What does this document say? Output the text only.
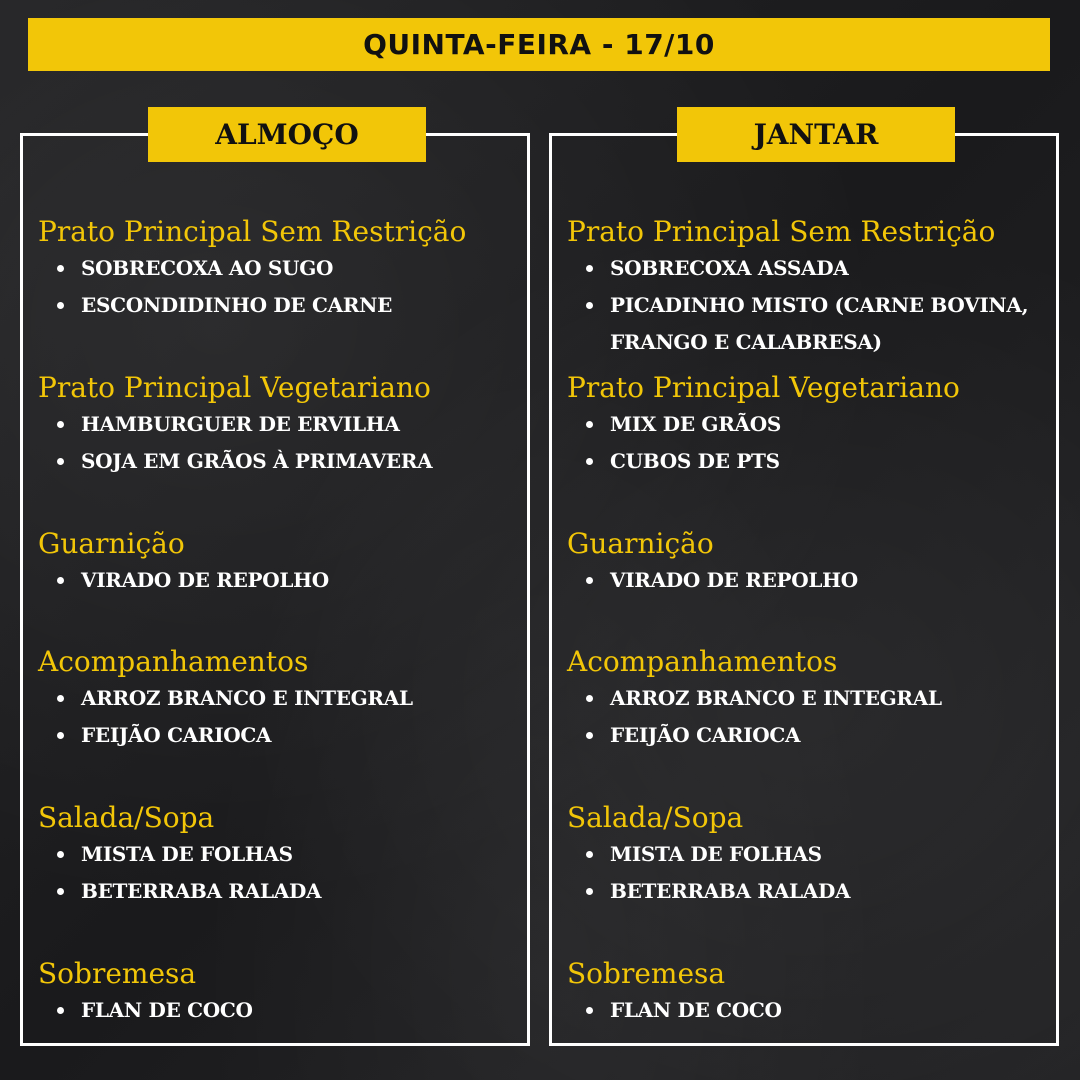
QUINTA-FEIRA - 17/10
ALMOÇO
Prato Principal Sem Restrição
SOBRECOXA AO SUGO
ESCONDIDINHO DE CARNE
Prato Principal Vegetariano
HAMBURGUER DE ERVILHA
SOJA EM GRÃOS À PRIMAVERA
Guarnição
VIRADO DE REPOLHO
Acompanhamentos
ARROZ BRANCO E INTEGRAL
FEIJÃO CARIOCA
Salada/Sopa
MISTA DE FOLHAS
BETERRABA RALADA
Sobremesa
FLAN DE COCO
JANTAR
Prato Principal Sem Restrição
SOBRECOXA ASSADA
PICADINHO MISTO (CARNE BOVINA, FRANGO E CALABRESA)
Prato Principal Vegetariano
MIX DE GRÃOS
CUBOS DE PTS
Guarnição
VIRADO DE REPOLHO
Acompanhamentos
ARROZ BRANCO E INTEGRAL
FEIJÃO CARIOCA
Salada/Sopa
MISTA DE FOLHAS
BETERRABA RALADA
Sobremesa
FLAN DE COCO
